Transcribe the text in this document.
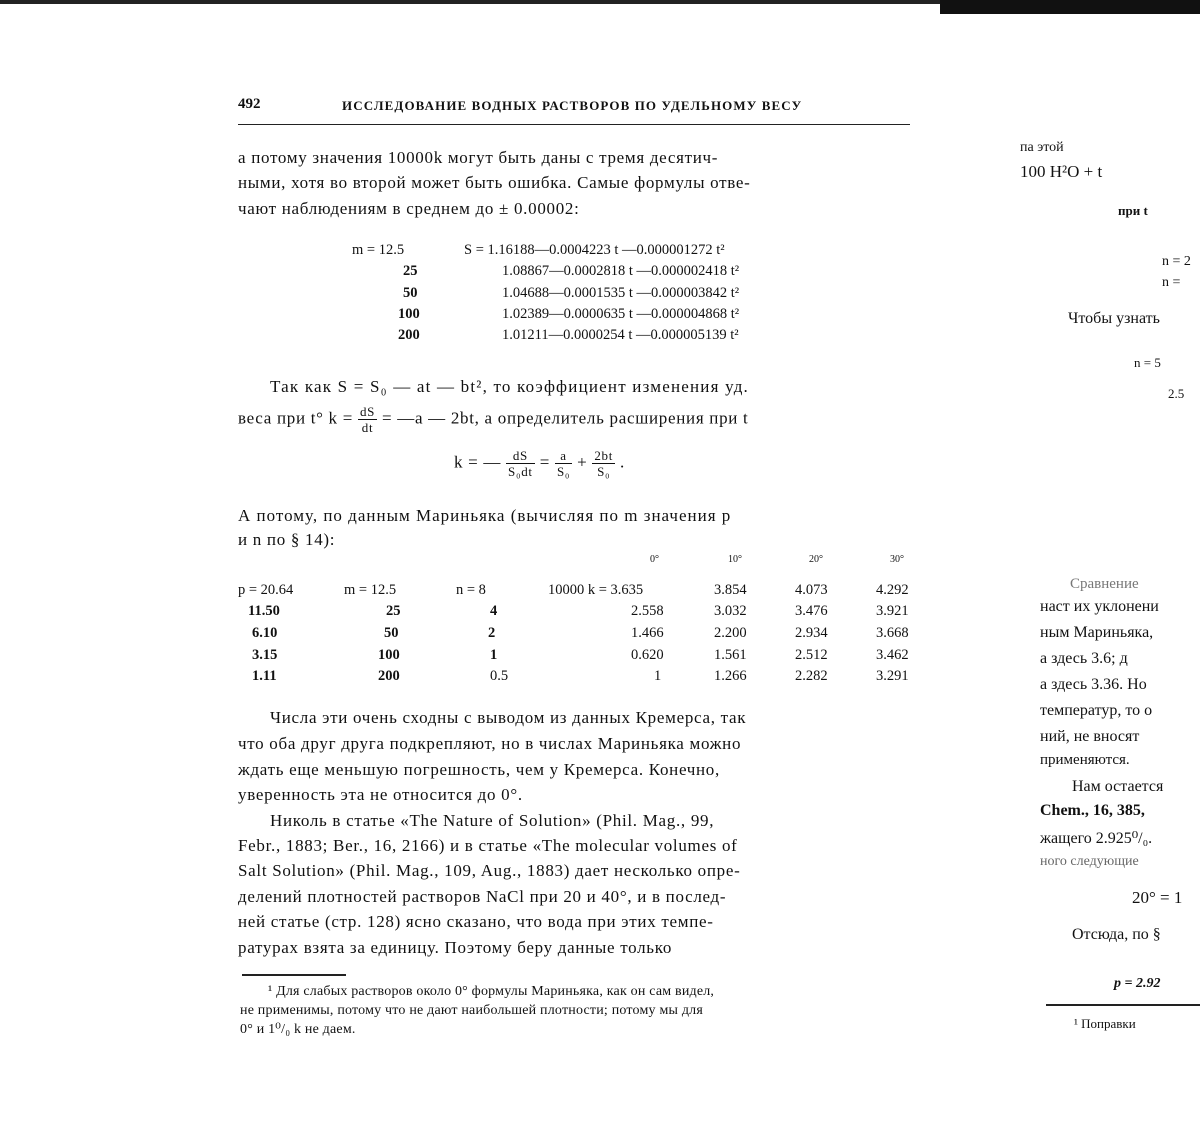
492	ИССЛЕДОВАНИЕ ВОДНЫХ РАСТВОРОВ ПО УДЕЛЬНОМУ ВЕСУ
а потому значения 10000k могут быть даны с тремя десятич-
ными, хотя во второй может быть ошибка. Самые формулы отве-
чают наблюдениям в среднем до ± 0.00002:
m = 12.5	S = 1.16188—0.0004223 t —0.000001272 t²
25	1.08867—0.0002818 t —0.000002418 t²
50	1.04688—0.0001535 t —0.000003842 t²
100	1.02389—0.0000635 t —0.000004868 t²
200	1.01211—0.0000254 t —0.000005139 t²
Так как S = S₀ — at — bt², то коэффициент изменения уд.
веса при t° $k = \frac{dS}{dt}$ = —a — 2bt, а определитель расширения при t
k = — $\frac{dS}{\text{S₀dt}} = \frac{a}{\text{S₀}} + \frac{2bt}{\text{S₀}}$ .
А потому, по данным Мариньяка (вычисляя по m значения p
и n по § 14):
0°	10°	20°	30°
p = 20.64	m = 12.5	n = 8	10000 k = 3.635	3.854	4.073	4.292
11.50	25	4	2.558	3.032	3.476	3.921
6.10	50	2	1.466	2.200	2.934	3.668
3.15	100	1	0.620	1.561	2.512	3.462
1.11	200	0.5	1	1.266	2.282	3.291
Числа эти очень сходны с выводом из данных Кремерса, так
что оба друг друга подкрепляют, но в числах Мариньяка можно
ждать еще меньшую погрешность, чем у Кремерса. Конечно,
уверенность эта не относится до 0°.
Николь в статье «The Nature of Solution» (Phil. Mag., 99,
Febr., 1883; Ber., 16, 2166) и в статье «The molecular volumes of
Salt Solution» (Phil. Mag., 109, Aug., 1883) дает несколько опре-
делений плотностей растворов NaCl при 20 и 40°, и в послед-
ней статье (стр. 128) ясно сказано, что вода при этих темпе-
ратурах взята за единицу. Поэтому беру данные только
¹ Для слабых растворов около 0° формулы Мариньяка, как он сам видел,
не применимы, потому что не дают наибольшей плотности; потому мы для
0° и 1⁰/₀ k не даем.
па этой
100 H²O + t
при t
n = 2
n =
Чтобы узнать
n = 5
2.5
Сравнение
наст их уклонени
ным Мариньяка,
а здесь 3.6; д
а здесь 3.36. Но
температур, то о
ний, не вносят
применяются.
Нам остается
Chem., 16, 385,
жащего 2.925⁰/₀.
ного следующие
20° = 1
Отсюда, по §
p = 2.92
¹ Поправки
